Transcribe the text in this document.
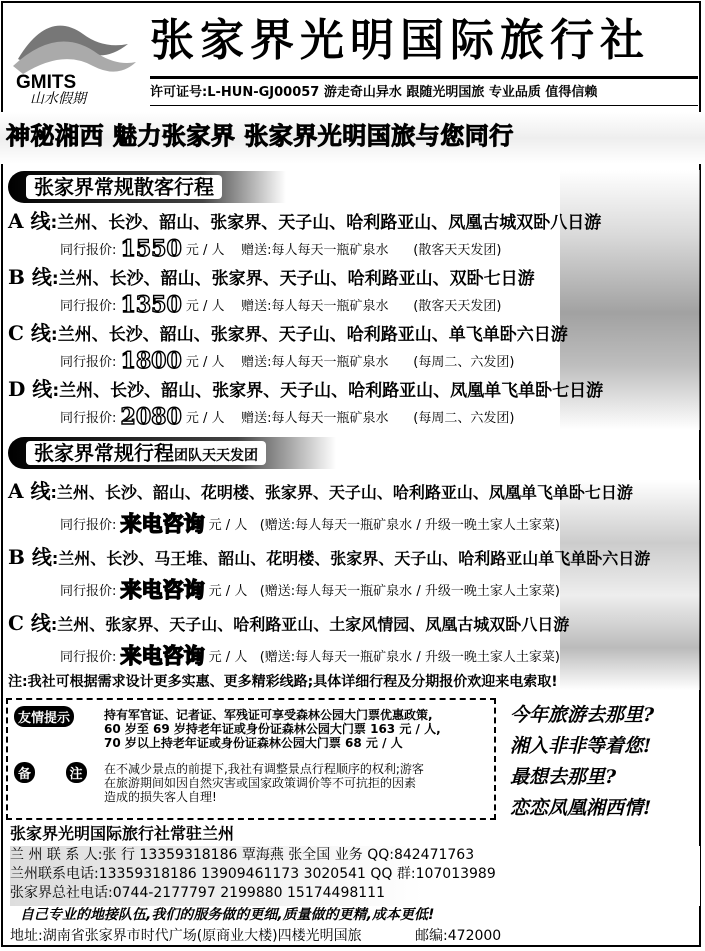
GMITS
山水假期
张家界光明国际旅行社
许可证号:L-HUN-GJ00057 游走奇山异水 跟随光明国旅 专业品质 值得信赖
神秘湘西 魅力张家界 张家界光明国旅与您同行
张家界常规散客行程
A 线:兰州、长沙、韶山、张家界、天子山、哈利路亚山、凤凰古城双卧八日游
同行报价: 1550 元 / 人 赠送:每人每天一瓶矿泉水 (散客天天发团)
B 线:兰州、长沙、韶山、张家界、天子山、哈利路亚山、双卧七日游
同行报价: 1350 元 / 人 赠送:每人每天一瓶矿泉水 (散客天天发团)
C 线:兰州、长沙、韶山、张家界、天子山、哈利路亚山、单飞单卧六日游
同行报价: 1800 元 / 人 赠送:每人每天一瓶矿泉水 (每周二、六发团)
D 线:兰州、长沙、韶山、张家界、天子山、哈利路亚山、凤凰单飞单卧七日游
同行报价: 2080 元 / 人 赠送:每人每天一瓶矿泉水 (每周二、六发团)
张家界常规行程团队天天发团
A 线:兰州、长沙、韶山、花明楼、张家界、天子山、哈利路亚山、凤凰单飞单卧七日游
同行报价: 来电咨询 元 / 人 (赠送:每人每天一瓶矿泉水 / 升级一晚土家人土家菜)
B 线:兰州、长沙、马王堆、韶山、花明楼、张家界、天子山、哈利路亚山单飞单卧六日游
同行报价: 来电咨询 元 / 人 (赠送:每人每天一瓶矿泉水 / 升级一晚土家人土家菜)
C 线:兰州、张家界、天子山、哈利路亚山、土家风情园、凤凰古城双卧八日游
同行报价: 来电咨询 元 / 人 (赠送:每人每天一瓶矿泉水 / 升级一晚土家人土家菜)
注:我社可根据需求设计更多实惠、更多精彩线路;具体详细行程及分期报价欢迎来电索取!
友情提示	持有军官证、记者证、军残证可享受森林公园大门票优惠政策,
60 岁至 69 岁持老年证或身份证森林公园大门票 163 元 / 人,
70 岁以上持老年证或身份证森林公园大门票 68 元 / 人
备	注	在不减少景点的前提下,我社有调整景点行程顺序的权利;游客
在旅游期间如因自然灾害或国家政策调价等不可抗拒的因素
造成的损失客人自理!
今年旅游去那里?
湘入非非等着您!
最想去那里?
恋恋凤凰湘西情!
张家界光明国际旅行社常驻兰州
兰 州 联 系 人:张 行 13359318186 覃海燕 张全国 业务 QQ:842471763
兰州联系电话:13359318186 13909461173 3020541 QQ 群:107013989
张家界总社电话:0744-2177797 2199880 15174498111
自己专业的地接队伍,我们的服务做的更细,质量做的更精,成本更低!
地址:湖南省张家界市时代广场(原商业大楼)四楼光明国旅	邮编:472000
